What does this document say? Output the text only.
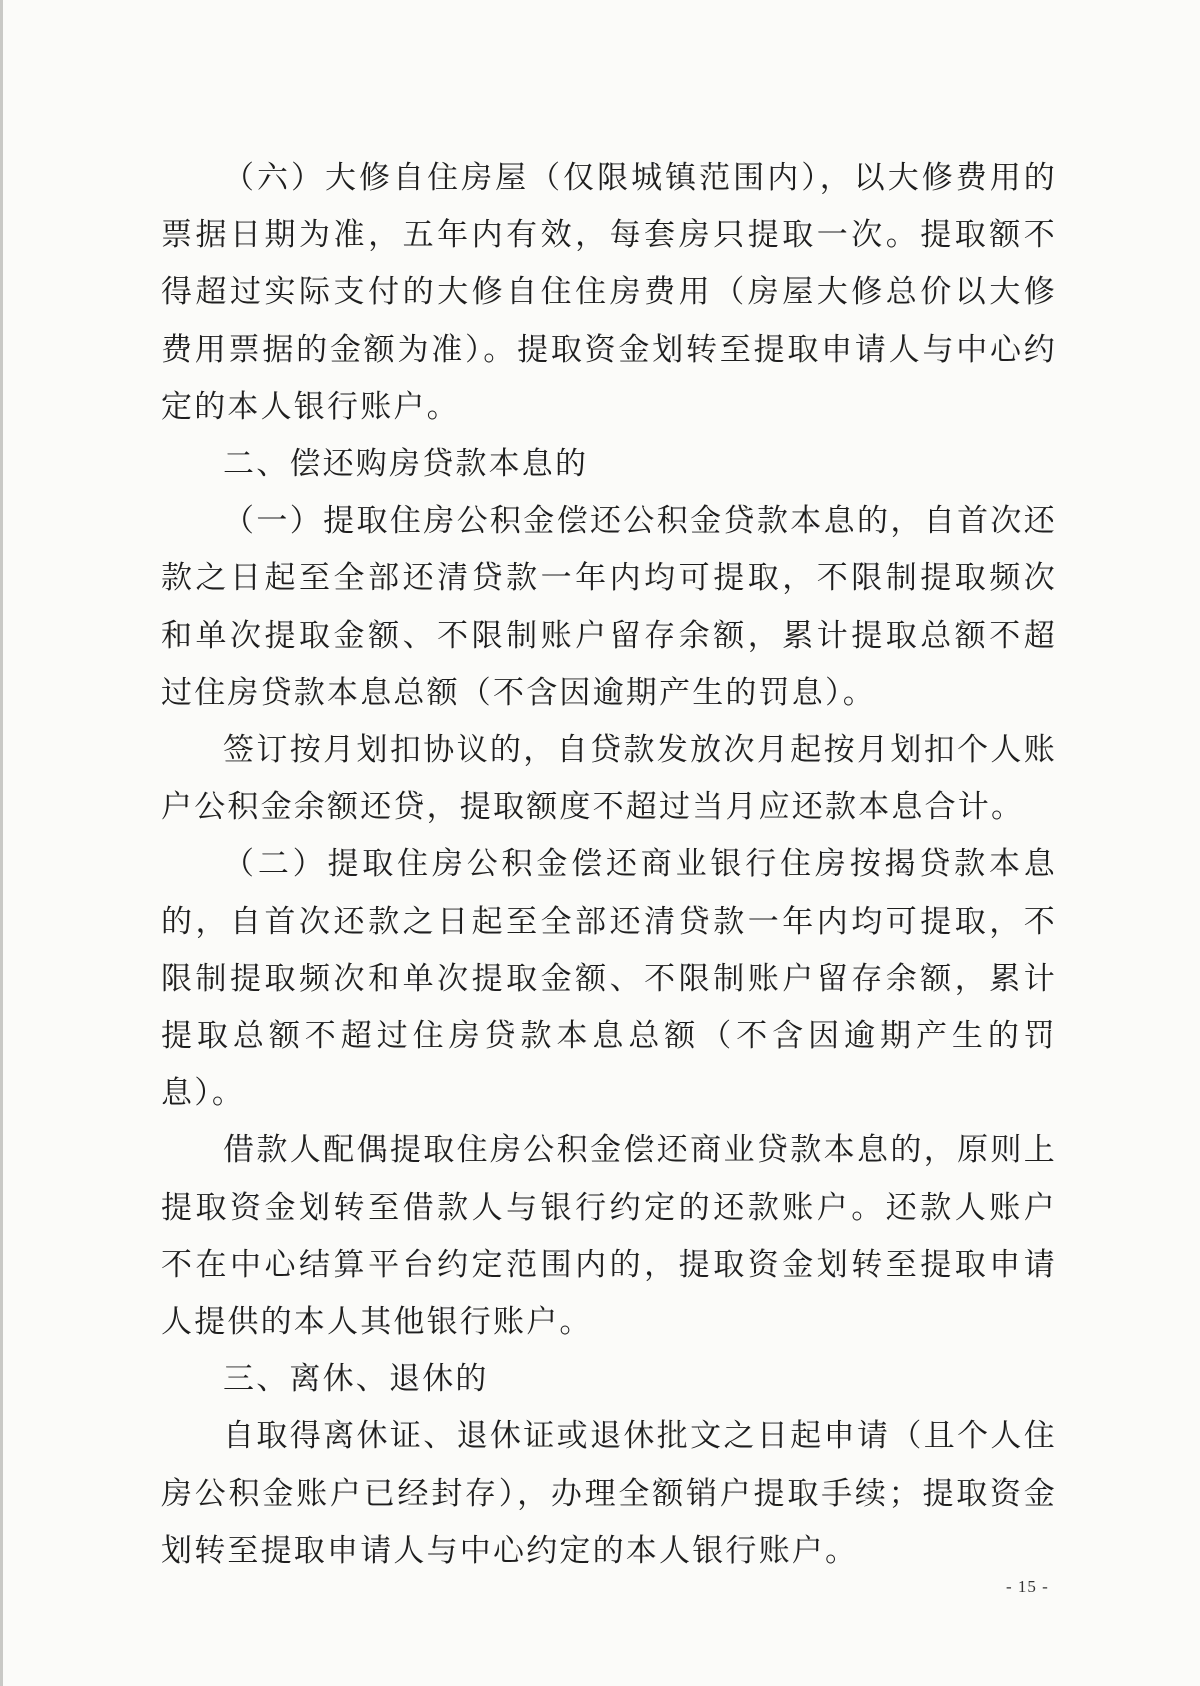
（六）大修自住房屋（仅限城镇范围内），以大修费用的票据日期为准，五年内有效，每套房只提取一次。提取额不得超过实际支付的大修自住住房费用（房屋大修总价以大修费用票据的金额为准）。提取资金划转至提取申请人与中心约定的本人银行账户。

二、偿还购房贷款本息的

（一）提取住房公积金偿还公积金贷款本息的，自首次还款之日起至全部还清贷款一年内均可提取，不限制提取频次和单次提取金额、不限制账户留存余额，累计提取总额不超过住房贷款本息总额（不含因逾期产生的罚息）。

签订按月划扣协议的，自贷款发放次月起按月划扣个人账户公积金余额还贷，提取额度不超过当月应还款本息合计。

（二）提取住房公积金偿还商业银行住房按揭贷款本息的，自首次还款之日起至全部还清贷款一年内均可提取，不限制提取频次和单次提取金额、不限制账户留存余额，累计提取总额不超过住房贷款本息总额（不含因逾期产生的罚息）。

借款人配偶提取住房公积金偿还商业贷款本息的，原则上提取资金划转至借款人与银行约定的还款账户。还款人账户不在中心结算平台约定范围内的，提取资金划转至提取申请人提供的本人其他银行账户。

三、离休、退休的

自取得离休证、退休证或退休批文之日起申请（且个人住房公积金账户已经封存），办理全额销户提取手续；提取资金划转至提取申请人与中心约定的本人银行账户。

- 15 -
